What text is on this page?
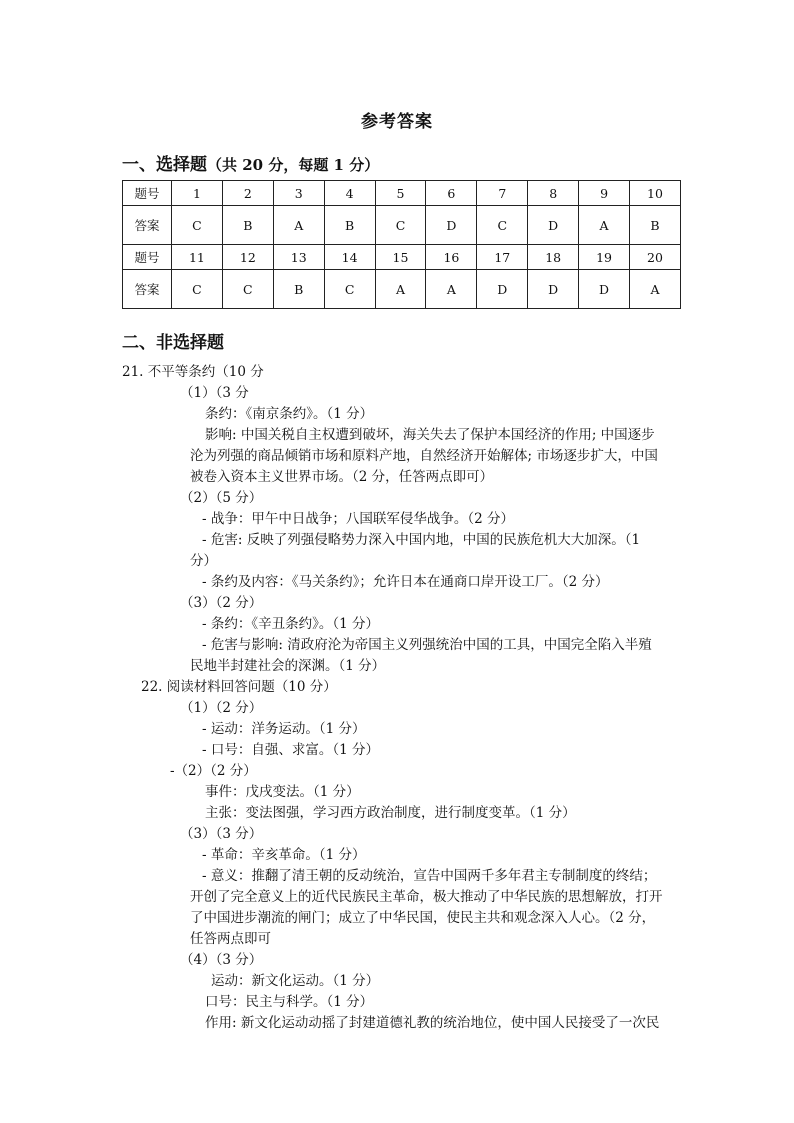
参考答案
一、选择题（共 20 分，每题 1 分）
题号	1	2	3	4	5	6	7	8	9	10
答案	C	B	A	B	C	D	C	D	A	B
题号	11	12	13	14	15	16	17	18	19	20
答案	C	C	B	C	A	A	D	D	D	A
二、非选择题
21. 不平等条约（10 分
（1）（3 分
条约：《南京条约》。（1 分）
影响: 中国关税自主权遭到破坏，海关失去了保护本国经济的作用; 中国逐步
沦为列强的商品倾销市场和原料产地，自然经济开始解体; 市场逐步扩大，中国
被卷入资本主义世界市场。（2 分，任答两点即可）
（2）（5 分）
- 战争：甲午中日战争；八国联军侵华战争。（2 分）
- 危害: 反映了列强侵略势力深入中国内地，中国的民族危机大大加深。（1
分）
- 条约及内容：《马关条约》；允许日本在通商口岸开设工厂。（2 分）
（3）（2 分）
- 条约：《辛丑条约》。（1 分）
- 危害与影响: 清政府沦为帝国主义列强统治中国的工具，中国完全陷入半殖
民地半封建社会的深渊。（1 分）
22. 阅读材料回答问题（10 分）
（1）（2 分）
- 运动：洋务运动。（1 分）
- 口号：自强、求富。（1 分）
-（2）（2 分）
事件：戊戌变法。（1 分）
主张：变法图强，学习西方政治制度，进行制度变革。（1 分）
（3）（3 分）
- 革命：辛亥革命。（1 分）
- 意义：推翻了清王朝的反动统治，宣告中国两千多年君主专制制度的终结；
开创了完全意义上的近代民族民主革命，极大推动了中华民族的思想解放，打开
了中国进步潮流的闸门；成立了中华民国，使民主共和观念深入人心。（2 分，
任答两点即可
（4）（3 分）
运动：新文化运动。（1 分）
口号：民主与科学。（1 分）
作用: 新文化运动动摇了封建道德礼教的统治地位，使中国人民接受了一次民
